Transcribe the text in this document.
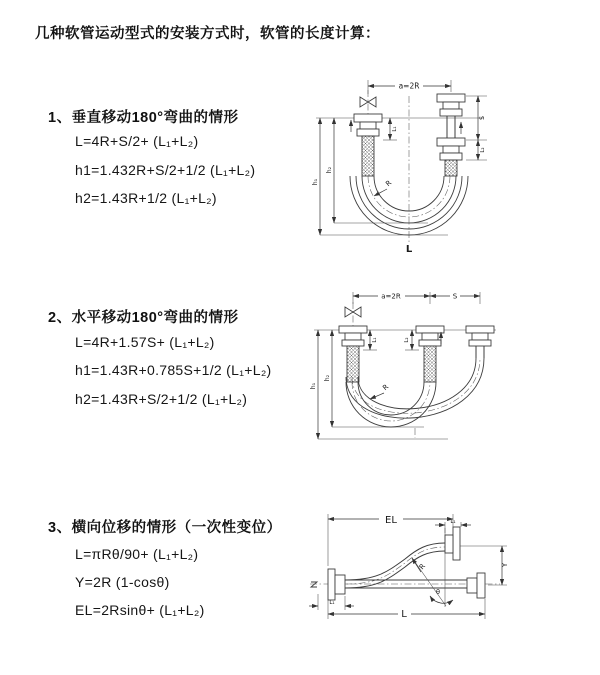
几种软管运动型式的安装方式时，软管的长度计算：
1、垂直移动180°弯曲的情形
L=4R+S/2+ (L₁+L₂)
h1=1.432R+S/2+1/2 (L₁+L₂)
h2=1.43R+1/2 (L₁+L₂)
a=2R
L₁
S
L₂
R
h₂
h₁
L
2、水平移动180°弯曲的情形
L=4R+1.57S+ (L₁+L₂)
h1=1.43R+0.785S+1/2 (L₁+L₂)
h2=1.43R+S/2+1/2 (L₁+L₂)
a=2R	S
L₁	L₂
R
h₂
h₁
3、横向位移的情形（一次性变位）
L=πRθ/90+ (L₁+L₂)
Y=2R (1-cosθ)
EL=2Rsinθ+ (L₁+L₂)
EL	L₁
Y
θ
R
L₁
L
